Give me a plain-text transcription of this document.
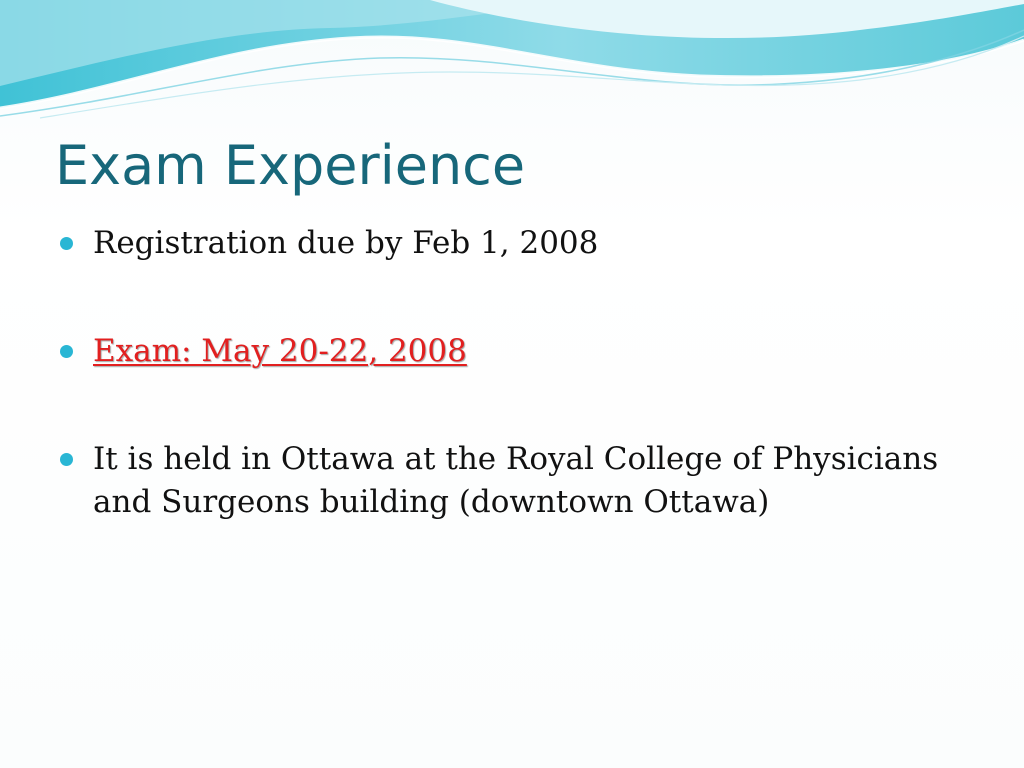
Exam Experience
Registration due by Feb 1, 2008
Exam: May 20-22, 2008
It is held in Ottawa at the Royal College of Physicians and Surgeons building (downtown Ottawa)
